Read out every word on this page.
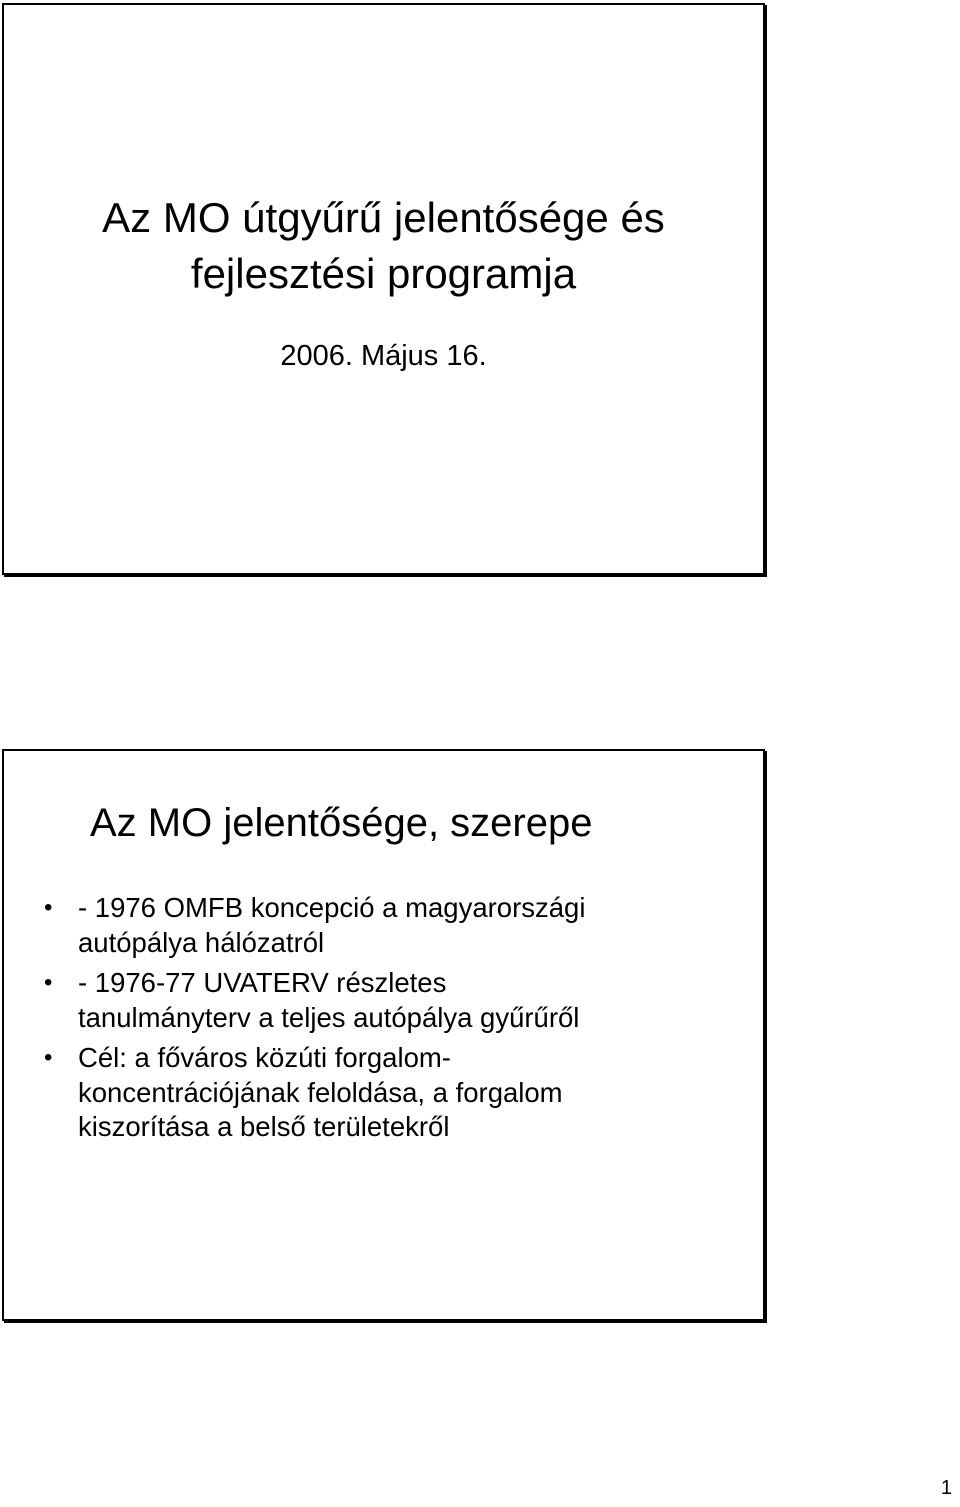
Az MO útgyűrű jelentősége és
fejlesztési programja

2006. Május 16.

Az MO jelentősége, szerepe
• - 1976 OMFB koncepció a magyarországi
autópálya hálózatról
• - 1976-77 UVATERV részletes
tanulmányterv a teljes autópálya gyűrűről
• Cél: a főváros közúti forgalom-
koncentrációjának feloldása, a forgalom
kiszorítása a belső területekről
1
